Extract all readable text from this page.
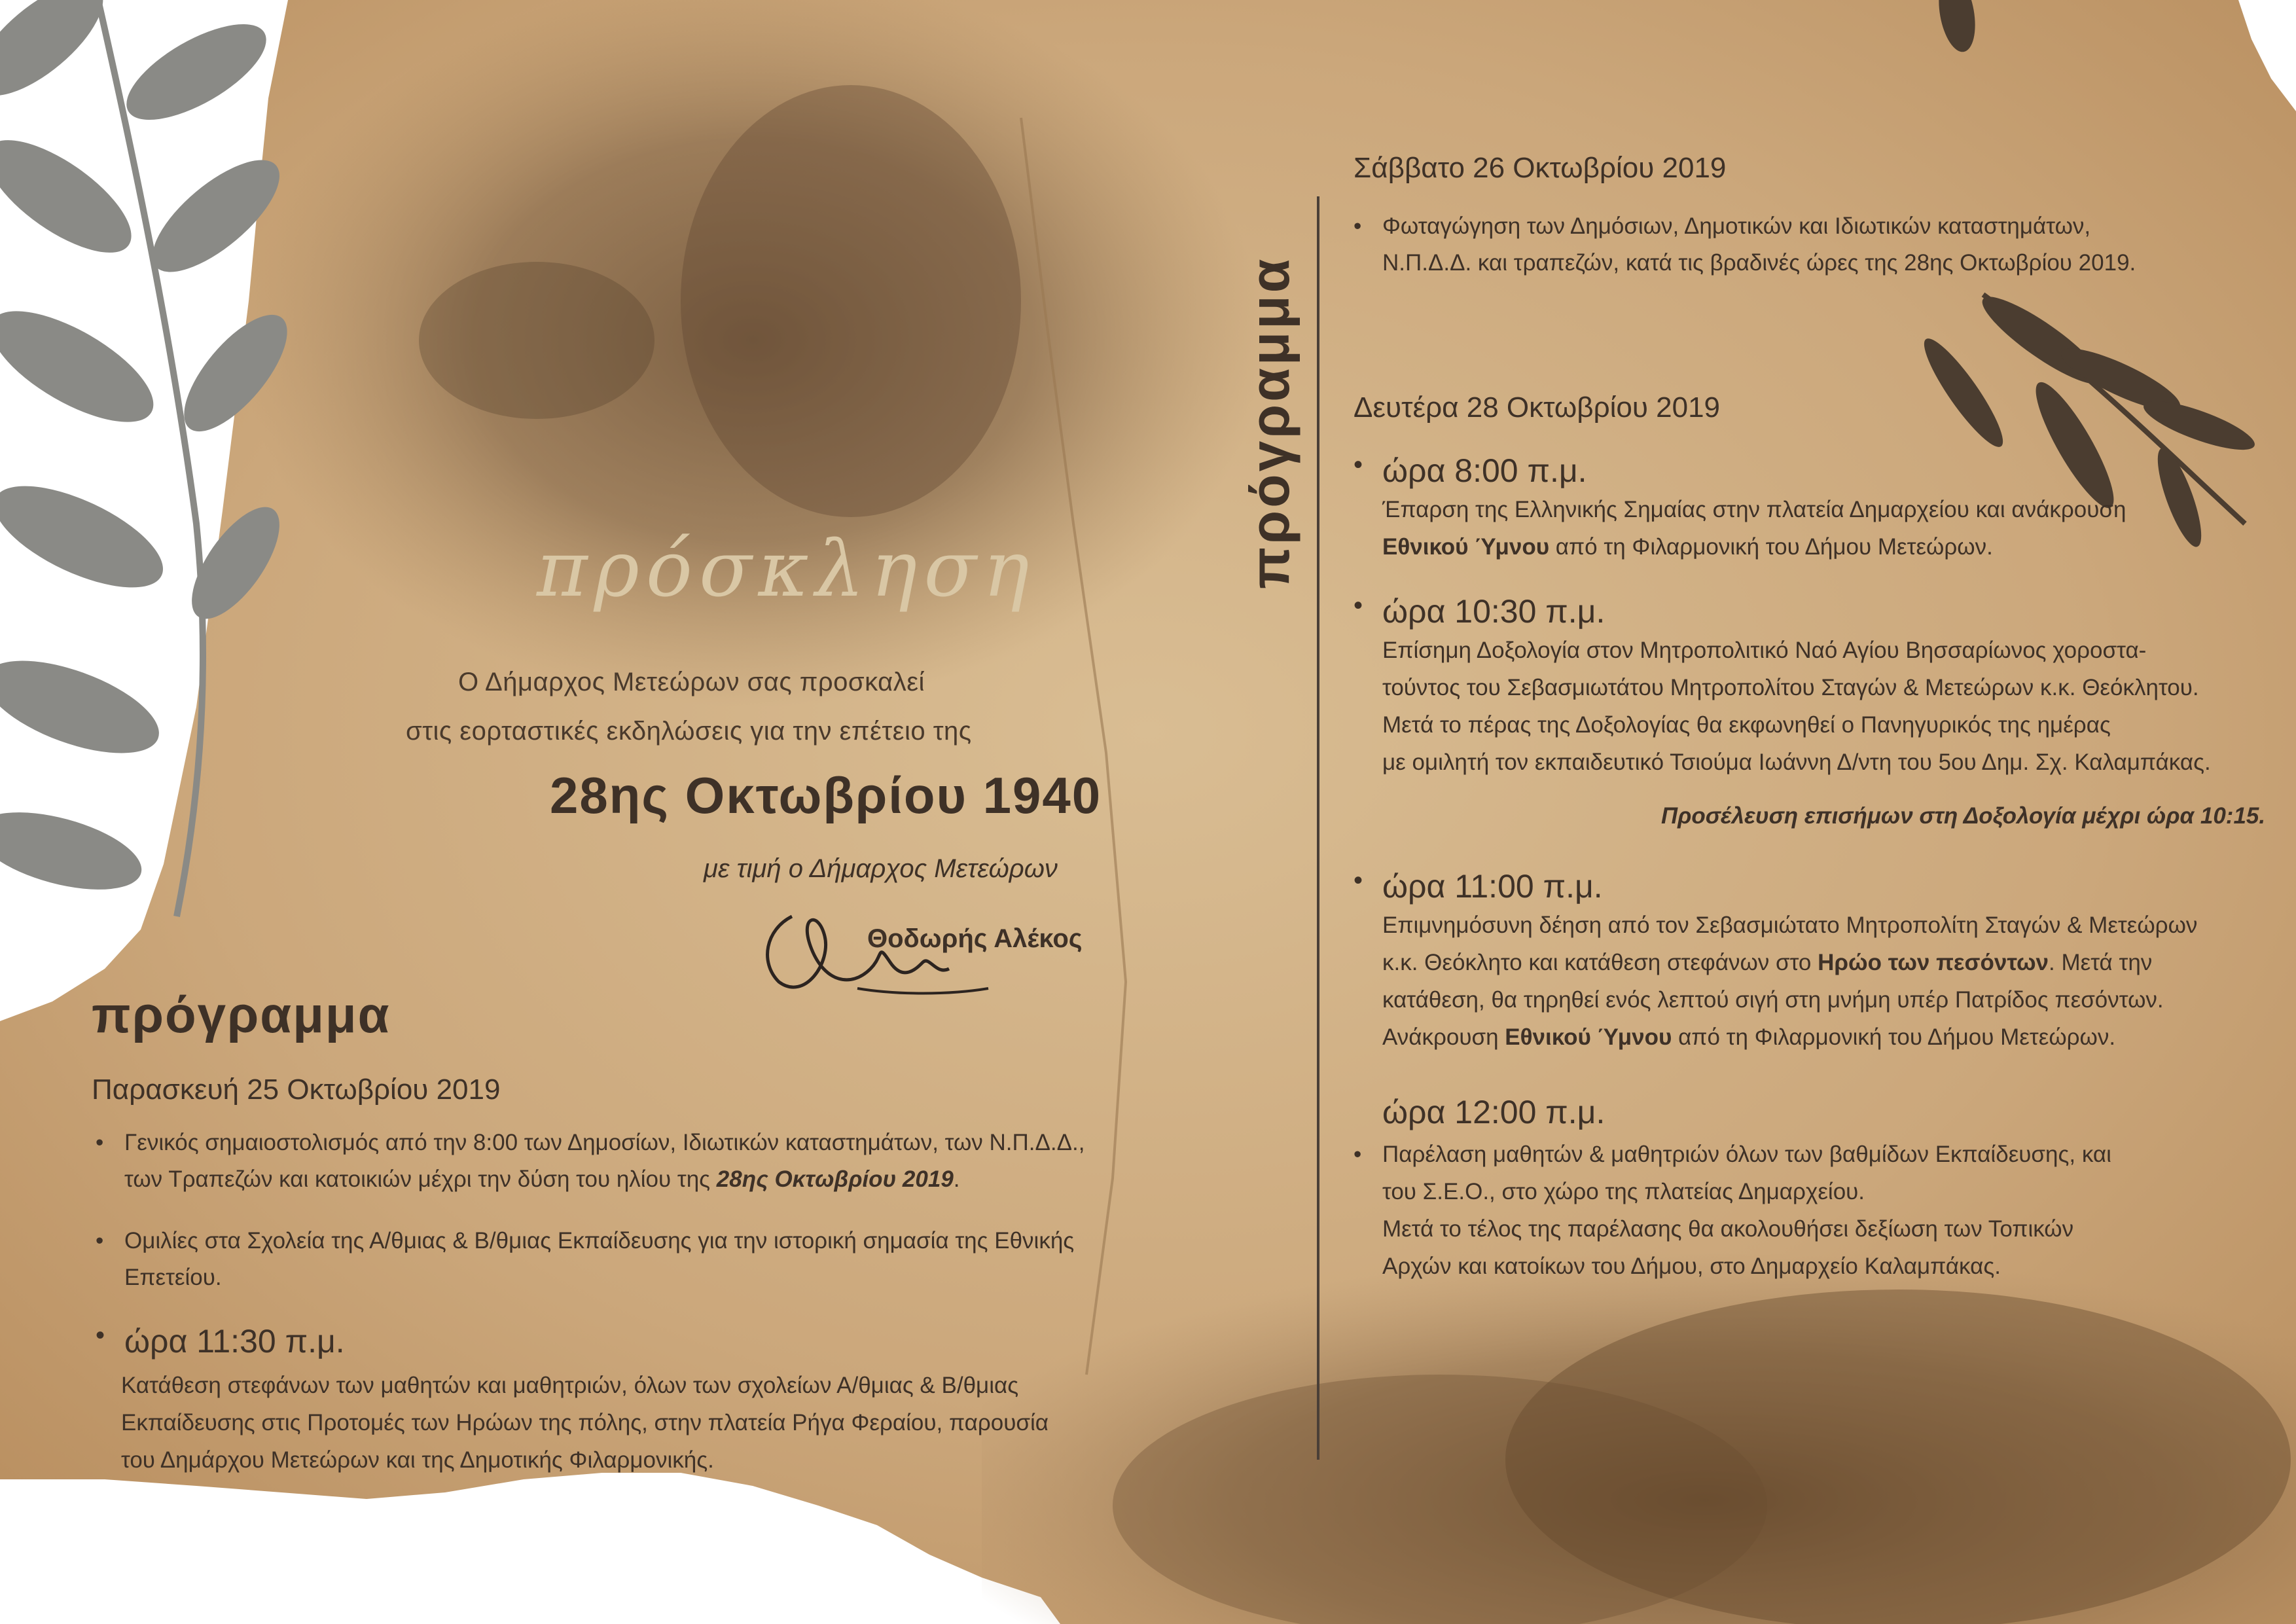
πρόσκληση
Ο Δήμαρχος Μετεώρων σας προσκαλεί
στις εορταστικές εκδηλώσεις για την επέτειο της
28ης Οκτωβρίου 1940
με τιμή ο Δήμαρχος Μετεώρων
Θοδωρής Αλέκος
πρόγραμμα
Παρασκευή 25 Οκτωβρίου 2019
• Γενικός σημαιοστολισμός από την 8:00 των Δημοσίων, Ιδιωτικών καταστημάτων, των Ν.Π.Δ.Δ.,
των Τραπεζών και κατοικιών μέχρι την δύση του ηλίου της 28ης Οκτωβρίου 2019.
• Ομιλίες στα Σχολεία της Α/θμιας & Β/θμιας Εκπαίδευσης για την ιστορική σημασία της Εθνικής
Επετείου.
• ώρα 11:30 π.μ.
Κατάθεση στεφάνων των μαθητών και μαθητριών, όλων των σχολείων Α/θμιας & Β/θμιας
Εκπαίδευσης στις Προτομές των Ηρώων της πόλης, στην πλατεία Ρήγα Φεραίου, παρουσία
του Δημάρχου Μετεώρων και της Δημοτικής Φιλαρμονικής.
πρόγραμμα
Σάββατο 26 Οκτωβρίου 2019
• Φωταγώγηση των Δημόσιων, Δημοτικών και Ιδιωτικών καταστημάτων,
Ν.Π.Δ.Δ. και τραπεζών, κατά τις βραδινές ώρες της 28ης Οκτωβρίου 2019.
Δευτέρα 28 Οκτωβρίου 2019
• ώρα 8:00 π.μ.
Έπαρση της Ελληνικής Σημαίας στην πλατεία Δημαρχείου και ανάκρουση
Εθνικού Ύμνου από τη Φιλαρμονική του Δήμου Μετεώρων.
• ώρα 10:30 π.μ.
Επίσημη Δοξολογία στον Μητροπολιτικό Ναό Αγίου Βησσαρίωνος χοροστα-
τούντος του Σεβασμιωτάτου Μητροπολίτου Σταγών & Μετεώρων κ.κ. Θεόκλητου.
Μετά το πέρας της Δοξολογίας θα εκφωνηθεί ο Πανηγυρικός της ημέρας
με ομιλητή τον εκπαιδευτικό Τσιούμα Ιωάννη Δ/ντη του 5ου Δημ. Σχ. Καλαμπάκας.
Προσέλευση επισήμων στη Δοξολογία μέχρι ώρα 10:15.
• ώρα 11:00 π.μ.
Επιμνημόσυνη δέηση από τον Σεβασμιώτατο Μητροπολίτη Σταγών & Μετεώρων
κ.κ. Θεόκλητο και κατάθεση στεφάνων στο Ηρώο των πεσόντων. Μετά την
κατάθεση, θα τηρηθεί ενός λεπτού σιγή στη μνήμη υπέρ Πατρίδος πεσόντων.
Ανάκρουση Εθνικού Ύμνου από τη Φιλαρμονική του Δήμου Μετεώρων.
ώρα 12:00 π.μ.
• Παρέλαση μαθητών & μαθητριών όλων των βαθμίδων Εκπαίδευσης, και
του Σ.Ε.Ο., στο χώρο της πλατείας Δημαρχείου.
Μετά το τέλος της παρέλασης θα ακολουθήσει δεξίωση των Τοπικών
Αρχών και κατοίκων του Δήμου, στο Δημαρχείο Καλαμπάκας.
